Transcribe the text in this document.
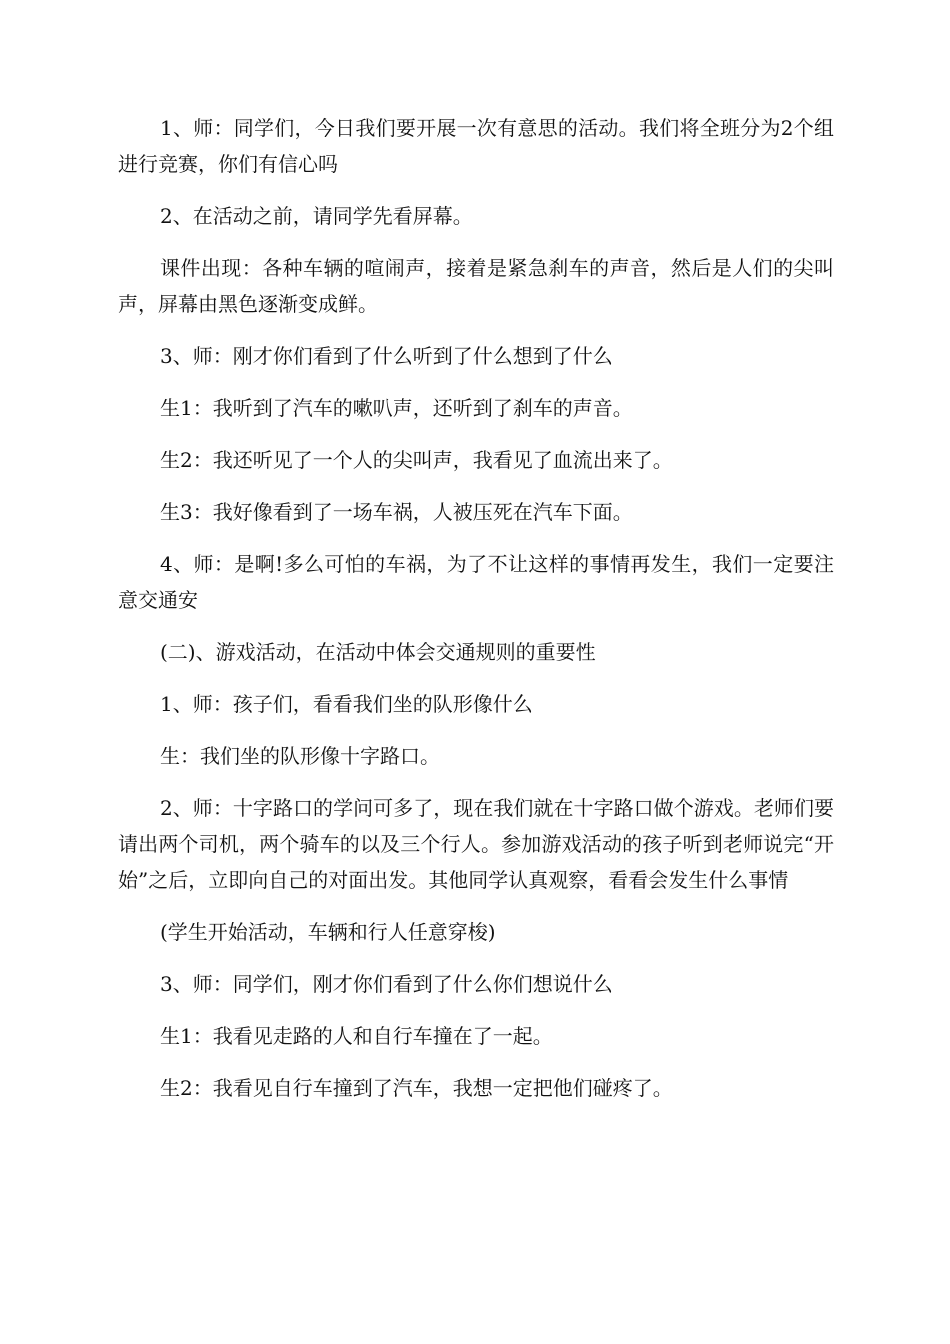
1、师：同学们，今日我们要开展一次有意思的活动。我们将全班分为2个组进行竞赛，你们有信心吗

2、在活动之前，请同学先看屏幕。

课件出现：各种车辆的喧闹声，接着是紧急刹车的声音，然后是人们的尖叫声，屏幕由黑色逐渐变成鲜。

3、师：刚才你们看到了什么听到了什么想到了什么

生1：我听到了汽车的嗽叭声，还听到了刹车的声音。

生2：我还听见了一个人的尖叫声，我看见了血流出来了。

生3：我好像看到了一场车祸，人被压死在汽车下面。

4、师：是啊!多么可怕的车祸，为了不让这样的事情再发生，我们一定要注意交通安

(二)、游戏活动，在活动中体会交通规则的重要性

1、师：孩子们，看看我们坐的队形像什么

生：我们坐的队形像十字路口。

2、师：十字路口的学问可多了，现在我们就在十字路口做个游戏。老师们要请出两个司机，两个骑车的以及三个行人。参加游戏活动的孩子听到老师说完“开始”之后，立即向自己的对面出发。其他同学认真观察，看看会发生什么事情

(学生开始活动，车辆和行人任意穿梭)

3、师：同学们，刚才你们看到了什么你们想说什么

生1：我看见走路的人和自行车撞在了一起。

生2：我看见自行车撞到了汽车，我想一定把他们碰疼了。
